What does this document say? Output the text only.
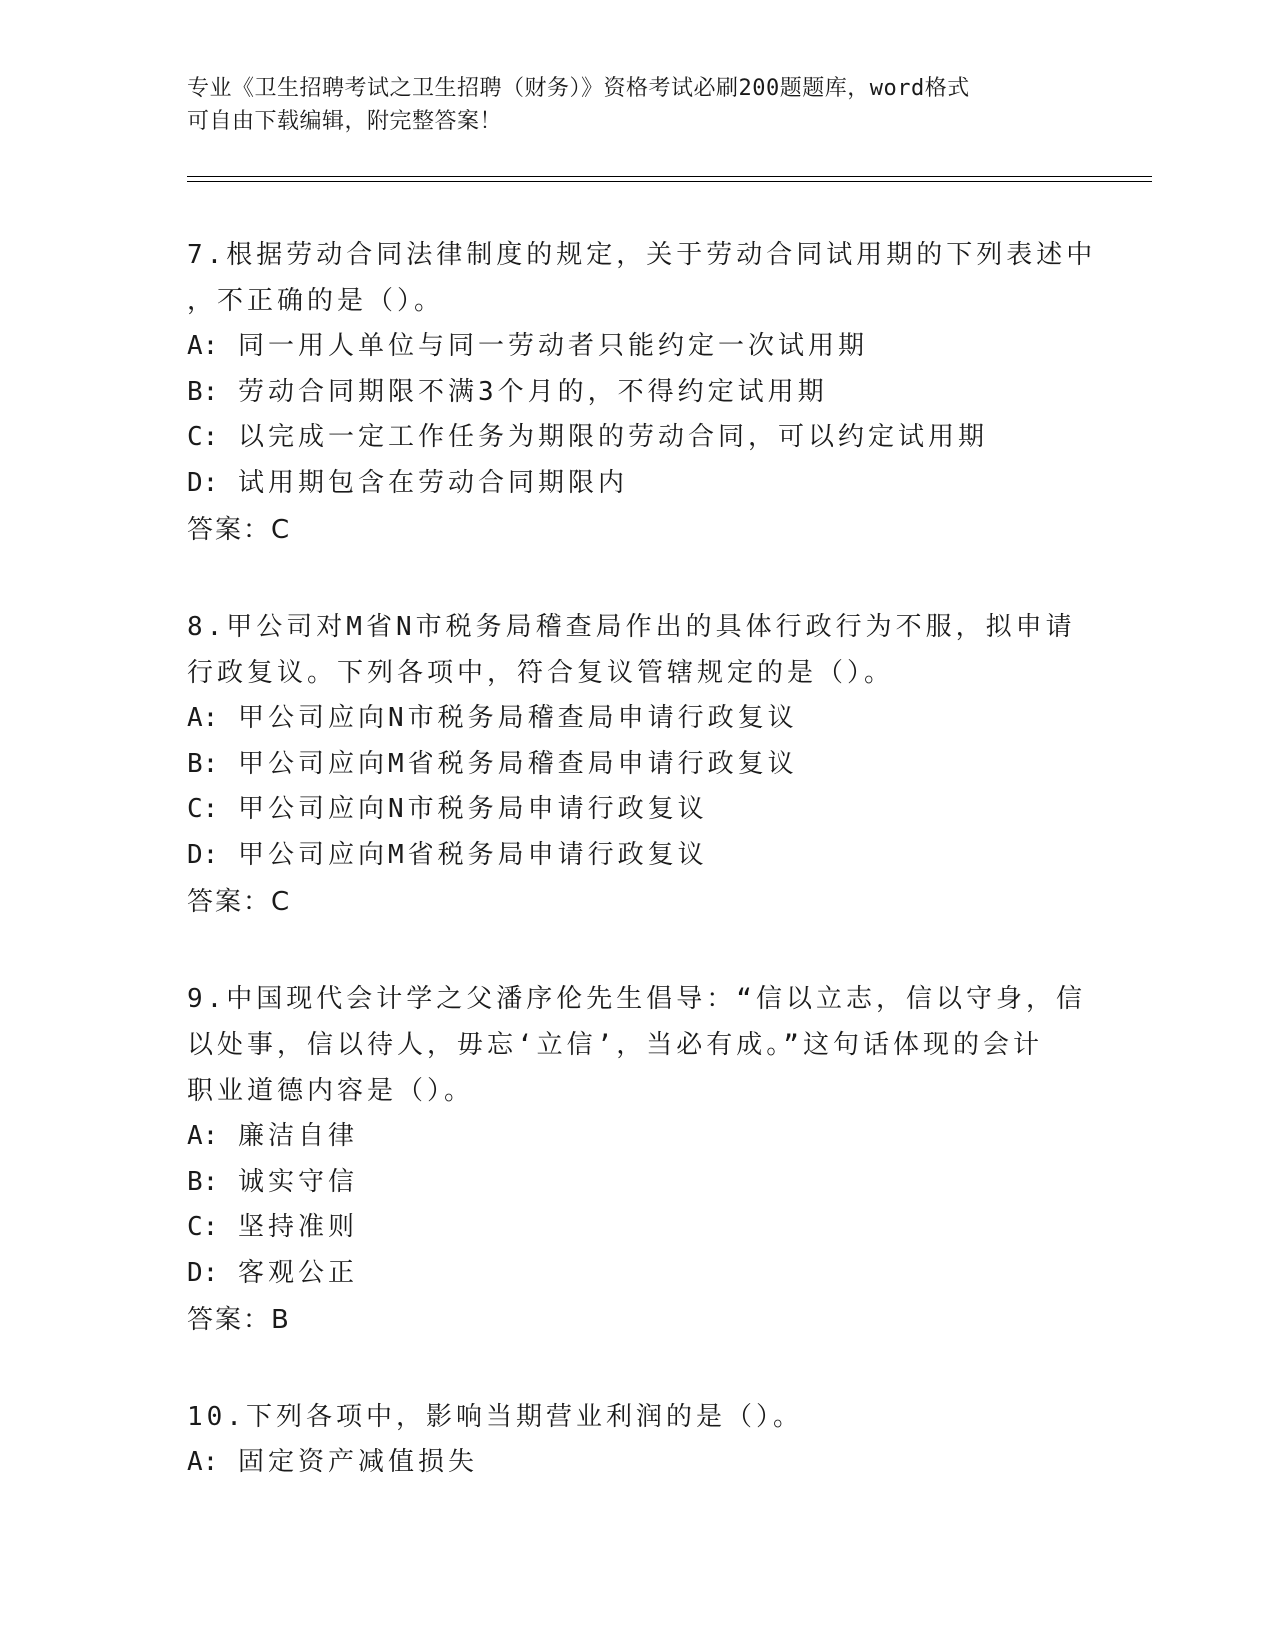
专业《卫生招聘考试之卫生招聘（财务）》资格考试必刷200题题库，word格式
可自由下载编辑，附完整答案！
7.根据劳动合同法律制度的规定，关于劳动合同试用期的下列表述中
，不正确的是（）。
A: 同一用人单位与同一劳动者只能约定一次试用期
B: 劳动合同期限不满3个月的，不得约定试用期
C: 以完成一定工作任务为期限的劳动合同，可以约定试用期
D: 试用期包含在劳动合同期限内
答案：C
8.甲公司对M省N市税务局稽查局作出的具体行政行为不服，拟申请
行政复议。下列各项中，符合复议管辖规定的是（）。
A: 甲公司应向N市税务局稽查局申请行政复议
B: 甲公司应向M省税务局稽查局申请行政复议
C: 甲公司应向N市税务局申请行政复议
D: 甲公司应向M省税务局申请行政复议
答案：C
9.中国现代会计学之父潘序伦先生倡导：“信以立志，信以守身，信
以处事，信以待人，毋忘‘立信’，当必有成。”这句话体现的会计
职业道德内容是（）。
A: 廉洁自律
B: 诚实守信
C: 坚持准则
D: 客观公正
答案：B
10.下列各项中，影响当期营业利润的是（）。
A: 固定资产减值损失
